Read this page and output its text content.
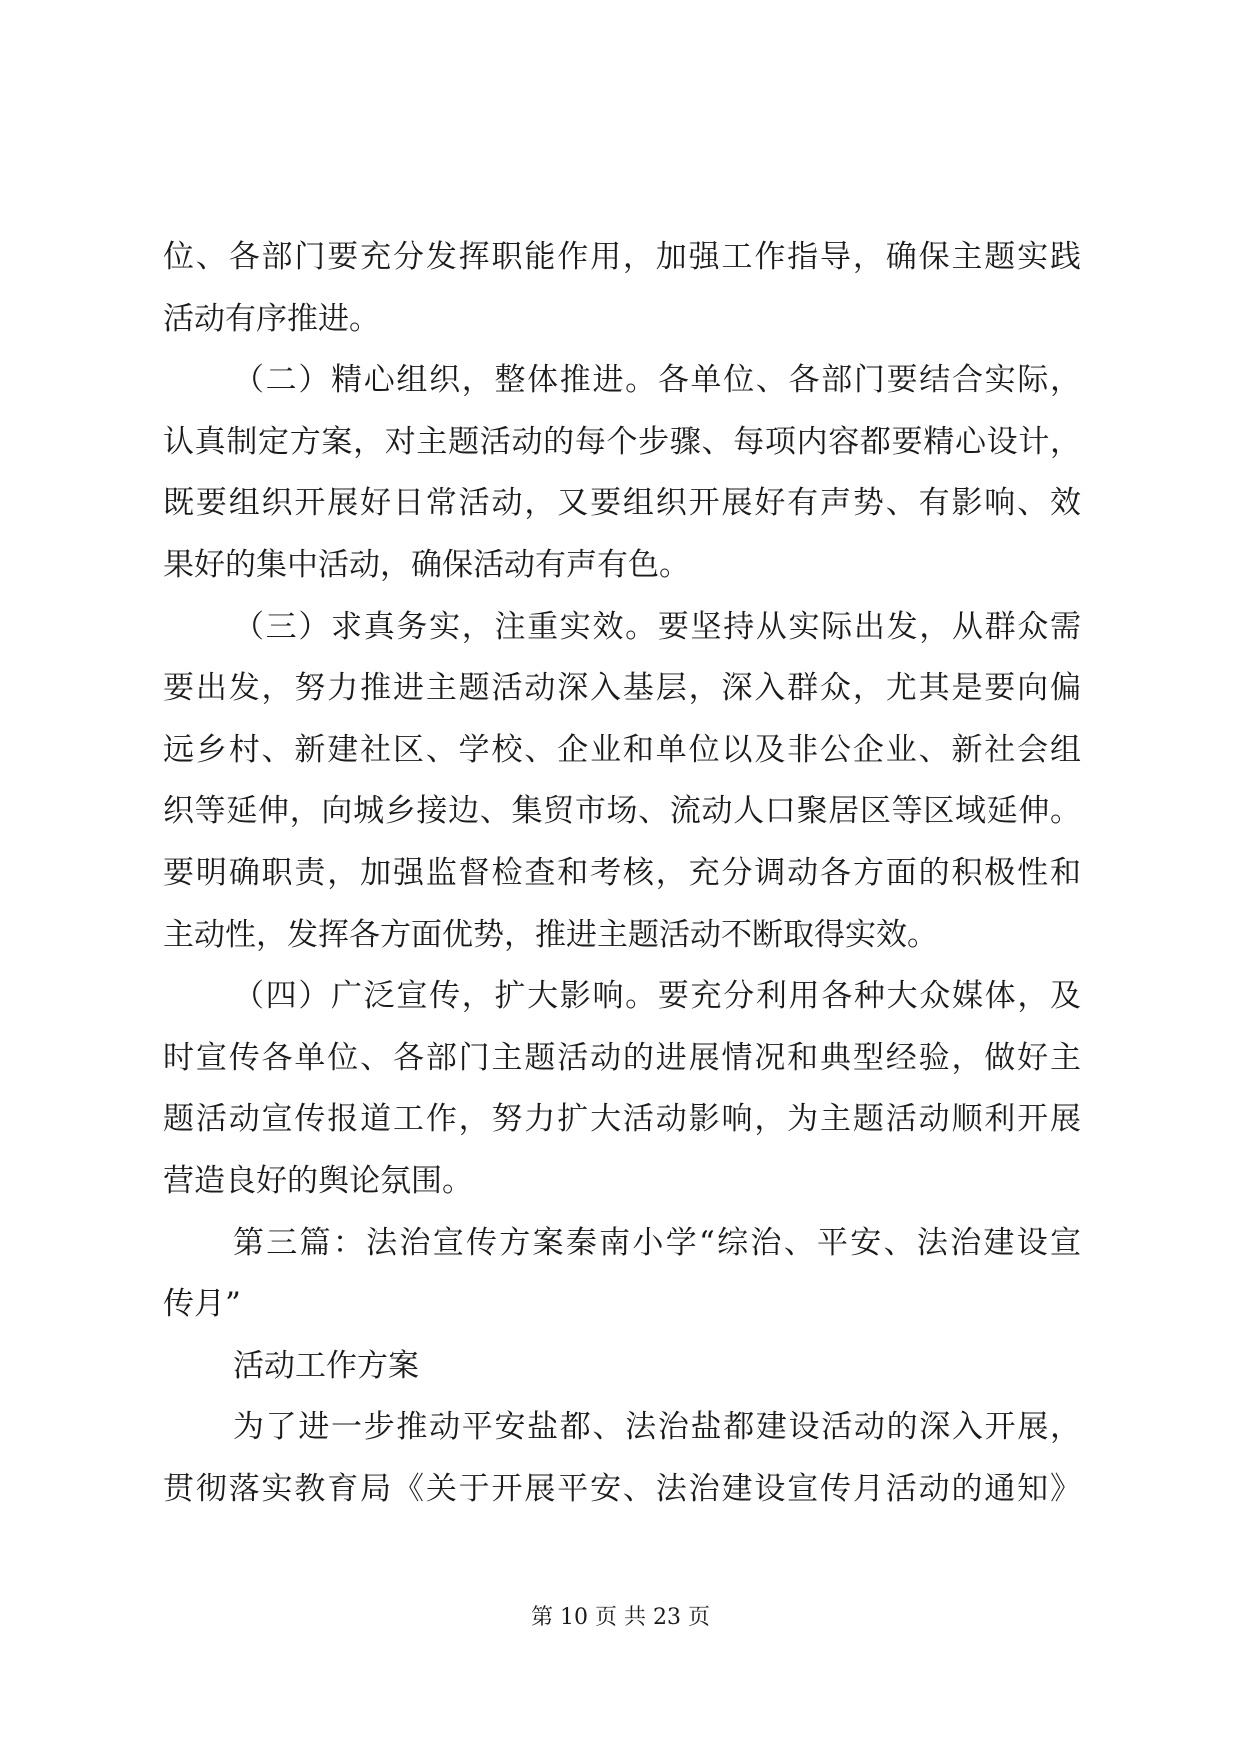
位、各部门要充分发挥职能作用，加强工作指导，确保主题实践
活动有序推进。
（二）精心组织，整体推进。各单位、各部门要结合实际，
认真制定方案，对主题活动的每个步骤、每项内容都要精心设计，
既要组织开展好日常活动，又要组织开展好有声势、有影响、效
果好的集中活动，确保活动有声有色。
（三）求真务实，注重实效。要坚持从实际出发，从群众需
要出发，努力推进主题活动深入基层，深入群众，尤其是要向偏
远乡村、新建社区、学校、企业和单位以及非公企业、新社会组
织等延伸，向城乡接边、集贸市场、流动人口聚居区等区域延伸。
要明确职责，加强监督检查和考核，充分调动各方面的积极性和
主动性，发挥各方面优势，推进主题活动不断取得实效。
（四）广泛宣传，扩大影响。要充分利用各种大众媒体，及
时宣传各单位、各部门主题活动的进展情况和典型经验，做好主
题活动宣传报道工作，努力扩大活动影响，为主题活动顺利开展
营造良好的舆论氛围。
第三篇：法治宣传方案秦南小学“综治、平安、法治建设宣
传月”
活动工作方案
为了进一步推动平安盐都、法治盐都建设活动的深入开展，
贯彻落实教育局《关于开展平安、法治建设宣传月活动的通知》
第 10 页 共 23 页
